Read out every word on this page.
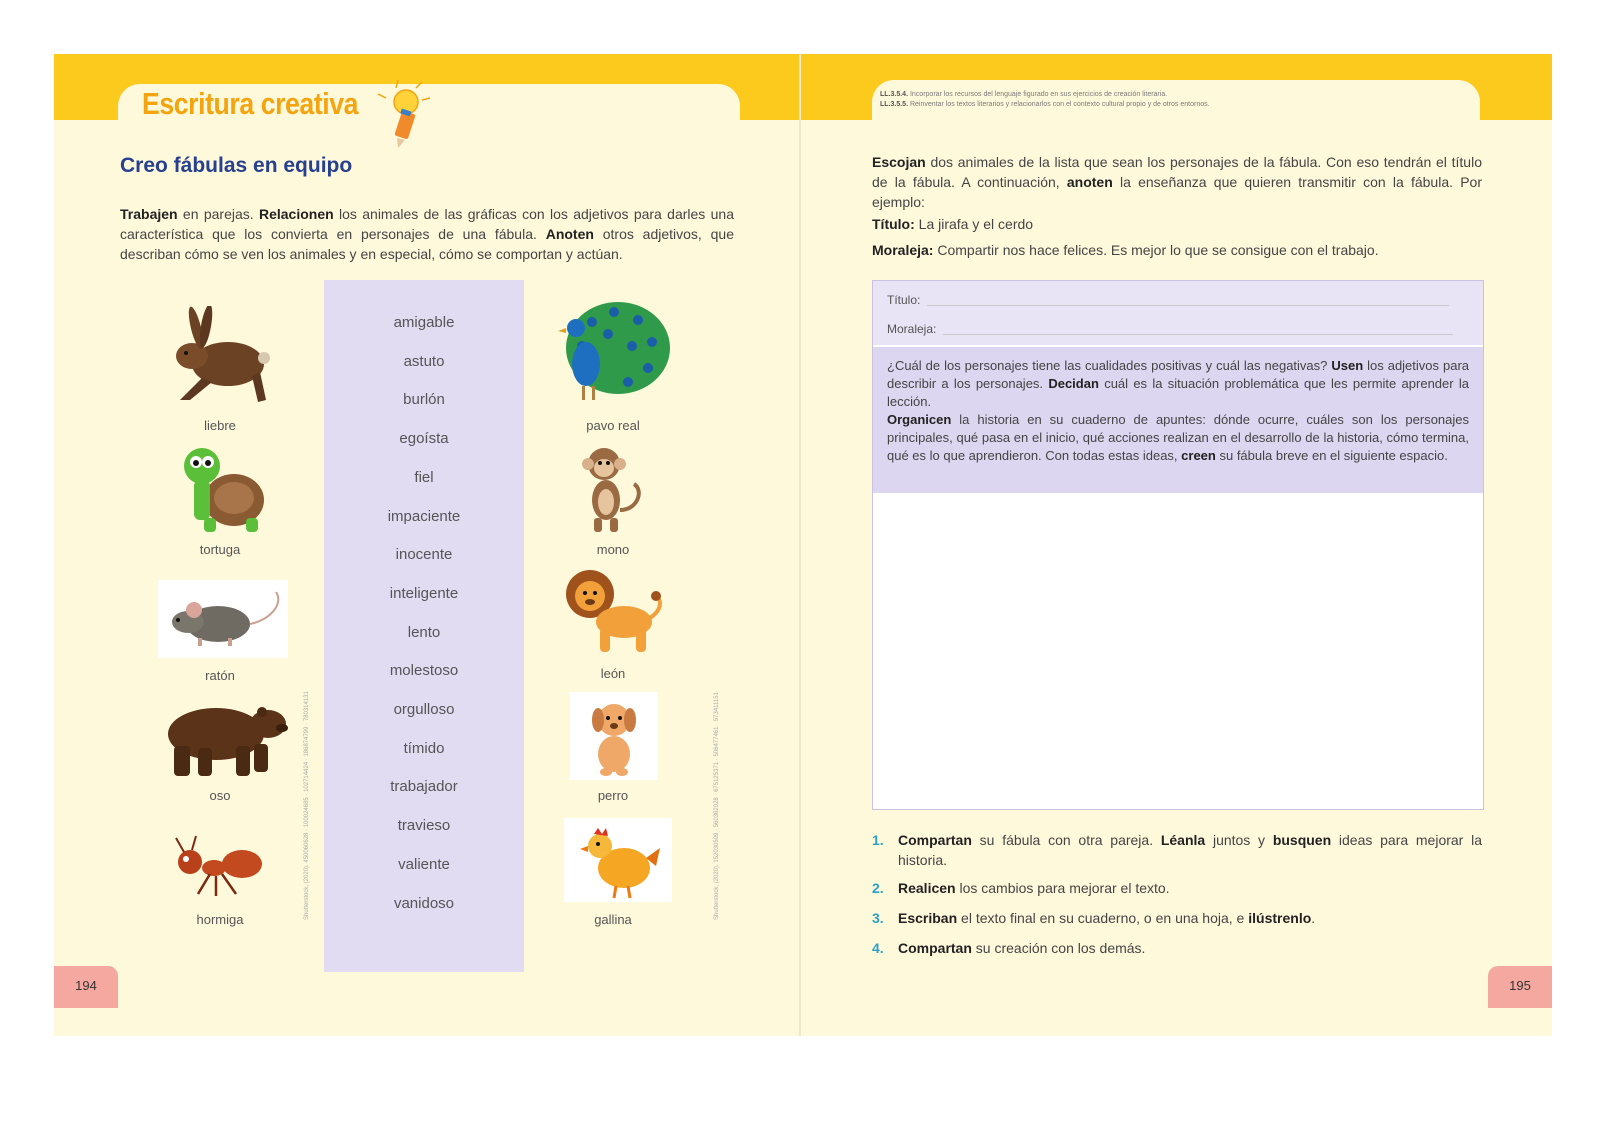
Escritura creativa
Creo fábulas en equipo
Trabajen en parejas. Relacionen los animales de las gráficas con los adjetivos para darles una característica que los convierta en personajes de una fábula. Anoten otros adjetivos, que describan cómo se ven los animales y en especial, cómo se comportan y actúan.
amigable
astuto
burlón
egoísta
fiel
impaciente
inocente
inteligente
lento
molestoso
orgulloso
tímido
trabajador
travieso
valiente
vanidoso
liebre
tortuga
ratón
oso
hormiga
pavo real
mono
león
perro
gallina
Shutterstock, (2020). 450060628 · 100024685 · 102714424 · 186874799 · 780314131	Shutterstock, (2020). 152030509 · 560362028 · 675125371 · 506477461 · 573411151
194
LL.3.5.4. Incorporar los recursos del lenguaje figurado en sus ejercicios de creación literaria.
LL.3.5.5. Reinventar los textos literarios y relacionarlos con el contexto cultural propio y de otros entornos.
Escojan dos animales de la lista que sean los personajes de la fábula. Con eso tendrán el título de la fábula. A continuación, anoten la enseñanza que quieren transmitir con la fábula. Por ejemplo:
Título: La jirafa y el cerdo
Moraleja: Compartir nos hace felices. Es mejor lo que se consigue con el trabajo.
Título:
Moraleja:
¿Cuál de los personajes tiene las cualidades positivas y cuál las negativas? Usen los adjetivos para describir a los personajes. Decidan cuál es la situación problemática que les permite aprender la lección.
Organicen la historia en su cuaderno de apuntes: dónde ocurre, cuáles son los personajes principales, qué pasa en el inicio, qué acciones realizan en el desarrollo de la historia, cómo termina, qué es lo que aprendieron. Con todas estas ideas, creen su fábula breve en el siguiente espacio.
1. Compartan su fábula con otra pareja. Léanla juntos y busquen ideas para mejorar la historia.
2. Realicen los cambios para mejorar el texto.
3. Escriban el texto final en su cuaderno, o en una hoja, e ilústrenlo.
4. Compartan su creación con los demás.
195
